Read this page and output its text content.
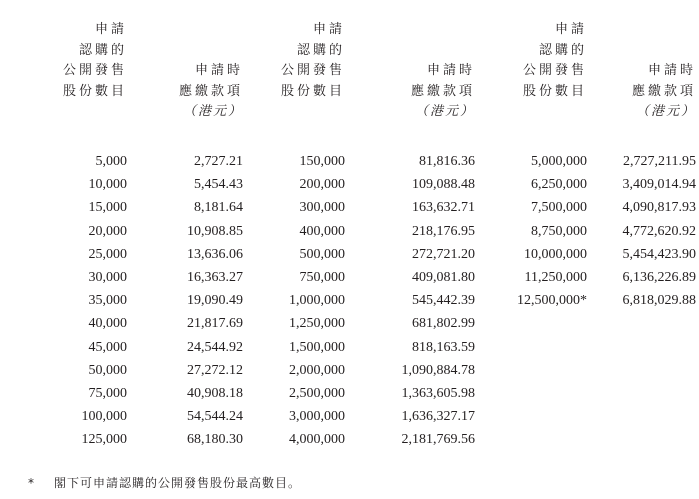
申請		申請		申請	
認購的		認購的		認購的	
公開發售	申請時	公開發售	申請時	公開發售	申請時
股份數目	應繳款項	股份數目	應繳款項	股份數目	應繳款項
	（港元）		（港元）		（港元）

5,000	2,727.21	150,000	81,816.36	5,000,000	2,727,211.95
10,000	5,454.43	200,000	109,088.48	6,250,000	3,409,014.94
15,000	8,181.64	300,000	163,632.71	7,500,000	4,090,817.93
20,000	10,908.85	400,000	218,176.95	8,750,000	4,772,620.92
25,000	13,636.06	500,000	272,721.20	10,000,000	5,454,423.90
30,000	16,363.27	750,000	409,081.80	11,250,000	6,136,226.89
35,000	19,090.49	1,000,000	545,442.39	12,500,000*	6,818,029.88
40,000	21,817.69	1,250,000	681,802.99		
45,000	24,544.92	1,500,000	818,163.59		
50,000	27,272.12	2,000,000	1,090,884.78		
75,000	40,908.18	2,500,000	1,363,605.98		
100,000	54,544.24	3,000,000	1,636,327.17		
125,000	68,180.30	4,000,000	2,181,769.56		
* 閣下可申請認購的公開發售股份最高數目。
